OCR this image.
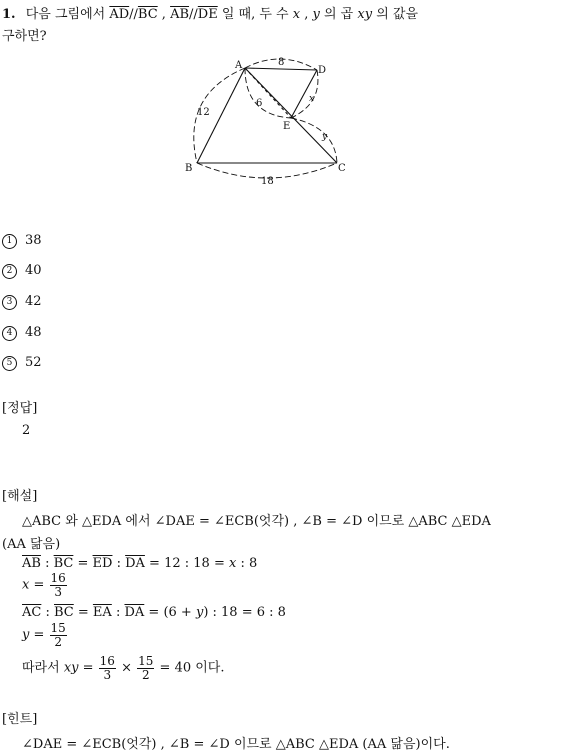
1. 다음 그림에서 $\overline{AD}//\overline{BC}$ , $\overline{AB}//\overline{DE}$ 일 때, 두 수 x , y 의 곱 xy 의 값을
구하면?
A	D
E
B	C
8
12
6
18
x
y
1 38
2 40
3 42
4 48
5 52
[정답]
2
[해설]
△ABC 와 △EDA 에서 ∠DAE = ∠ECB(엇각) , ∠B = ∠D 이므로 △ABC △EDA
(AA 닮음)
$\overline{AB}$ : $\overline{BC} = \overline{ED}$ : $\overline{DA} = 12$ : 18 = x : 8
$x = \frac{16}{3}$
$\overline{AC}$ : $\overline{BC} = \overline{EA}$ : $\overline{DA} = (6 + y)$ : 18 = 6 : 8
$y = \frac{15}{2}$
따라서 xy = $\frac{16}{3} \times \frac{15}{2} = 40$ 이다.
[힌트]
∠DAE = ∠ECB(엇각) , ∠B = ∠D 이므로 △ABC △EDA (AA 닮음)이다.
